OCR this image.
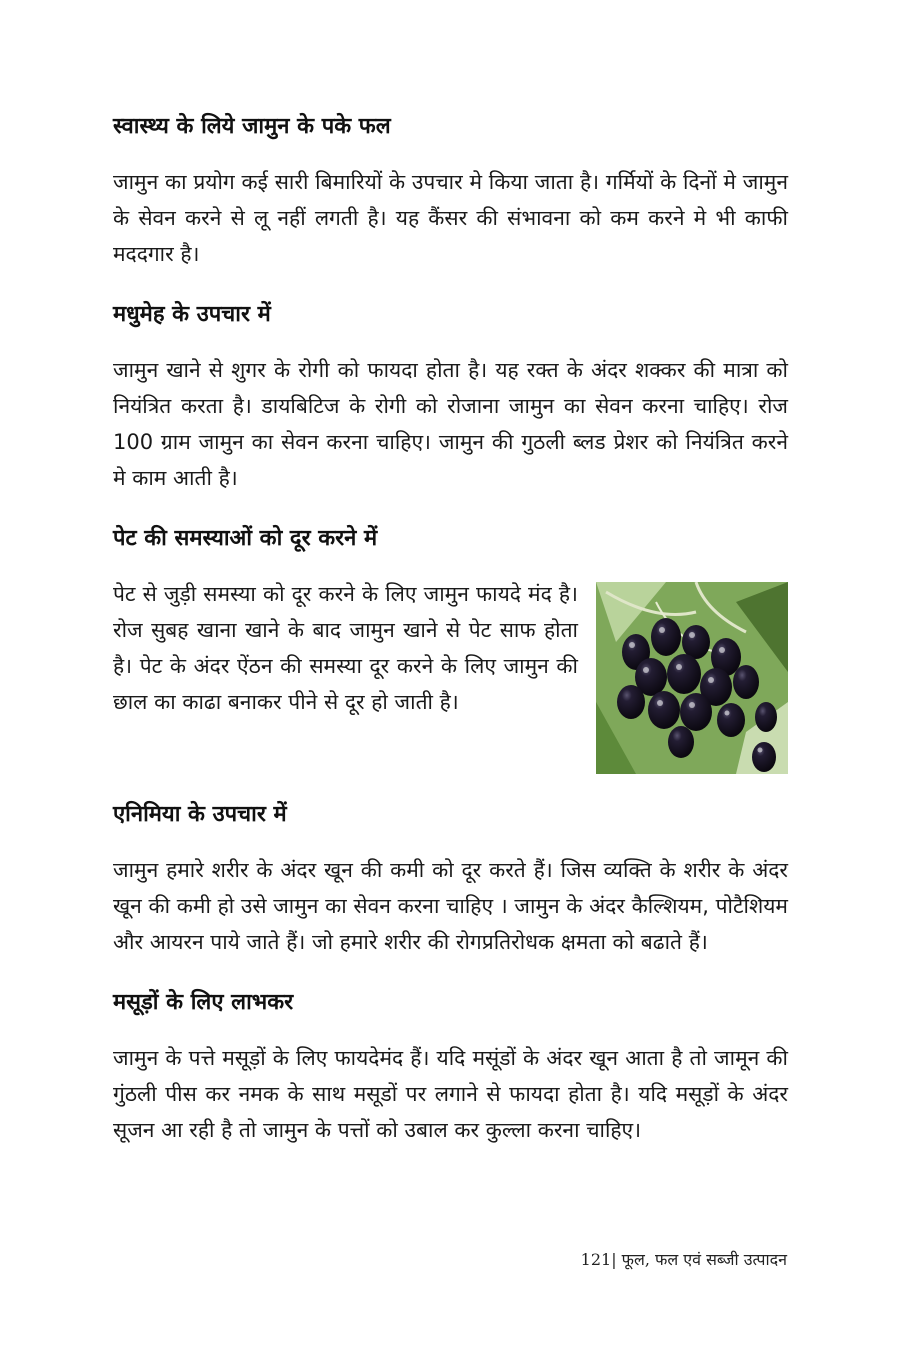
स्वास्थ्य के लिये जामुन के पके फल

जामुन का प्रयोग कई सारी बिमारियों के उपचार मे किया जाता है। गर्मियों के दिनों मे जामुन के सेवन करने से लू नहीं लगती है। यह कैंसर की संभावना को कम करने मे भी काफी मददगार है।

मधुमेह के उपचार में

जामुन खाने से शुगर के रोगी को फायदा होता है। यह रक्त के अंदर शक्कर की मात्रा को नियंत्रित करता है। डायबिटिज के रोगी को रोजाना जामुन का सेवन करना चाहिए। रोज 100 ग्राम जामुन का सेवन करना चाहिए। जामुन की गुठली ब्लड प्रेशर को नियंत्रित करने मे काम आती है।

पेट की समस्याओं को दूर करने में

पेट से जुड़ी समस्या को दूर करने के लिए जामुन फायदे मंद है। रोज सुबह खाना खाने के बाद जामुन खाने से पेट साफ होता है। पेट के अंदर ऐंठन की समस्या दूर करने के लिए जामुन की छाल का काढा बनाकर पीने से दूर हो जाती है।

एनिमिया के उपचार में

जामुन हमारे शरीर के अंदर खून की कमी को दूर करते हैं। जिस व्यक्ति के शरीर के अंदर खून की कमी हो उसे जामुन का सेवन करना चाहिए । जामुन के अंदर कैल्शियम, पोटैशियम और आयरन पाये जाते हैं। जो हमारे शरीर की रोगप्रतिरोधक क्षमता को बढाते हैं।

मसूड़ों के लिए लाभकर

जामुन के पत्ते मसूड़ों के लिए फायदेमंद हैं। यदि मसूंडों के अंदर खून आता है तो जामून की गुंठली पीस कर नमक के साथ मसूडों पर लगाने से फायदा होता है। यदि मसूड़ों के अंदर सूजन आ रही है तो जामुन के पत्तों को उबाल कर कुल्ला करना चाहिए।

121| फूल, फल एवं सब्जी उत्पादन
